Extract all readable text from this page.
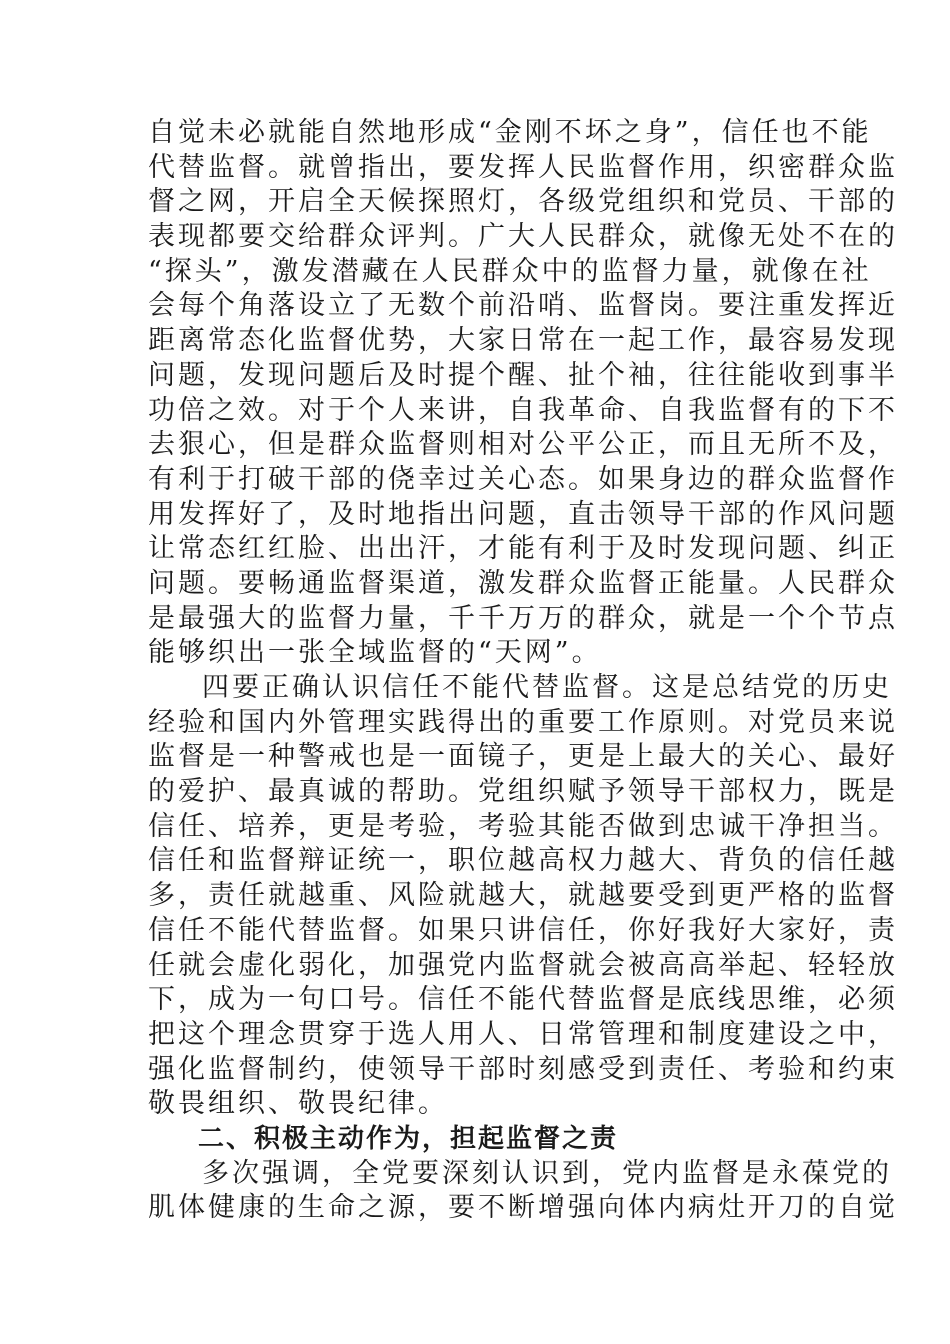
自觉未必就能自然地形成“金刚不坏之身”，信任也不能
代替监督。就曾指出，要发挥人民监督作用，织密群众监
督之网，开启全天候探照灯，各级党组织和党员、干部的
表现都要交给群众评判。广大人民群众，就像无处不在的
“探头”，激发潜藏在人民群众中的监督力量，就像在社
会每个角落设立了无数个前沿哨、监督岗。要注重发挥近
距离常态化监督优势，大家日常在一起工作，最容易发现
问题，发现问题后及时提个醒、扯个袖，往往能收到事半
功倍之效。对于个人来讲，自我革命、自我监督有的下不
去狠心，但是群众监督则相对公平公正，而且无所不及，
有利于打破干部的侥幸过关心态。如果身边的群众监督作
用发挥好了，及时地指出问题，直击领导干部的作风问题
让常态红红脸、出出汗，才能有利于及时发现问题、纠正
问题。要畅通监督渠道，激发群众监督正能量。人民群众
是最强大的监督力量，千千万万的群众，就是一个个节点
能够织出一张全域监督的“天网”。
四要正确认识信任不能代替监督。这是总结党的历史
经验和国内外管理实践得出的重要工作原则。对党员来说
监督是一种警戒也是一面镜子，更是上最大的关心、最好
的爱护、最真诚的帮助。党组织赋予领导干部权力，既是
信任、培养，更是考验，考验其能否做到忠诚干净担当。
信任和监督辩证统一，职位越高权力越大、背负的信任越
多，责任就越重、风险就越大，就越要受到更严格的监督
信任不能代替监督。如果只讲信任，你好我好大家好，责
任就会虚化弱化，加强党内监督就会被高高举起、轻轻放
下，成为一句口号。信任不能代替监督是底线思维，必须
把这个理念贯穿于选人用人、日常管理和制度建设之中，
强化监督制约，使领导干部时刻感受到责任、考验和约束
敬畏组织、敬畏纪律。
二、积极主动作为，担起监督之责
多次强调，全党要深刻认识到，党内监督是永葆党的
肌体健康的生命之源，要不断增强向体内病灶开刀的自觉
